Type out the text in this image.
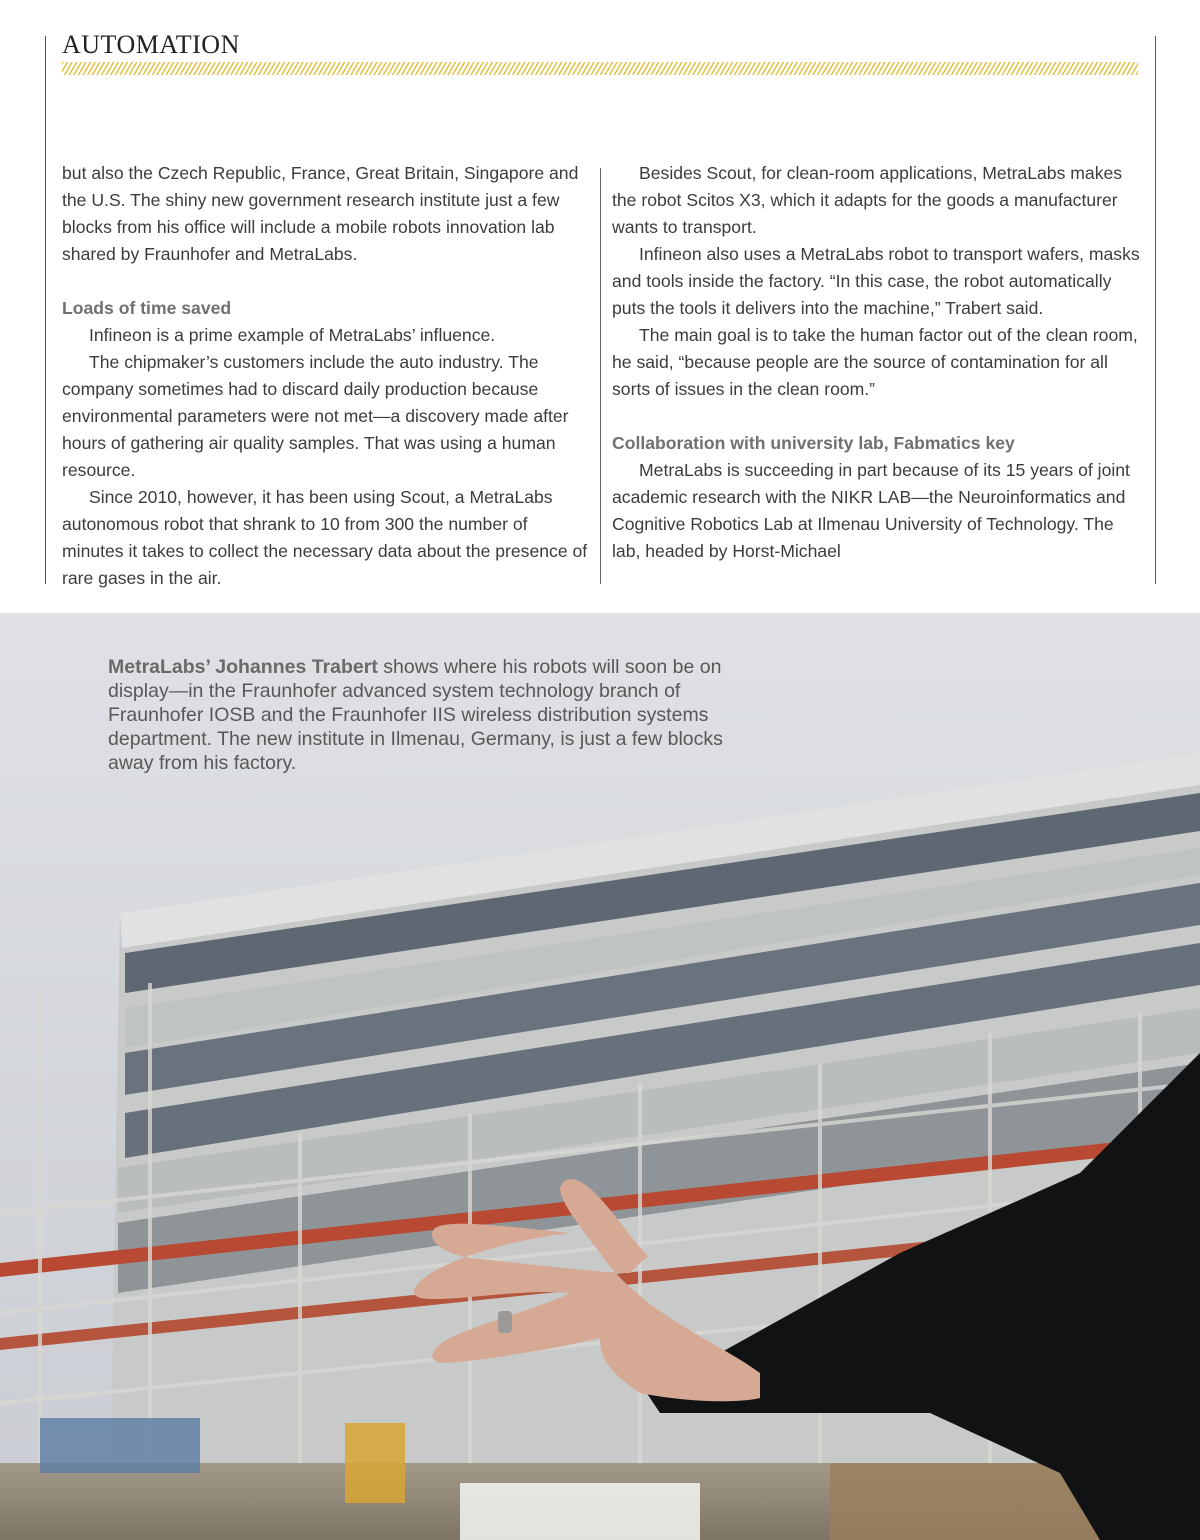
AUTOMATION

but also the Czech Republic, France, Great Britain, Singapore and the U.S. The shiny new government research institute just a few blocks from his office will include a mobile robots innovation lab shared by Fraunhofer and MetraLabs.

Loads of time saved

Infineon is a prime example of MetraLabs’ influence.

The chipmaker’s customers include the auto industry. The company sometimes had to discard daily production because environmental parameters were not met—a discovery made after hours of gathering air quality samples. That was using a human resource.

Since 2010, however, it has been using Scout, a MetraLabs autonomous robot that shrank to 10 from 300 the number of minutes it takes to collect the necessary data about the presence of rare gases in the air.

Besides Scout, for clean-room applications, MetraLabs makes the robot Scitos X3, which it adapts for the goods a manufacturer wants to transport.

Infineon also uses a MetraLabs robot to transport wafers, masks and tools inside the factory. “In this case, the robot automatically puts the tools it delivers into the machine,” Trabert said.

The main goal is to take the human factor out of the clean room, he said, “because people are the source of contamination for all sorts of issues in the clean room.”

Collaboration with university lab, Fabmatics key

MetraLabs is succeeding in part because of its 15 years of joint academic research with the NIKR LAB—the Neuroinformatics and Cognitive Robotics Lab at Ilmenau University of Technology. The lab, headed by Horst-Michael

MetraLabs’ Johannes Trabert shows where his robots will soon be on display—in the Fraunhofer advanced system technology branch of Fraunhofer IOSB and the Fraunhofer IIS wireless distribution systems department. The new institute in Ilmenau, Germany, is just a few blocks away from his factory.
